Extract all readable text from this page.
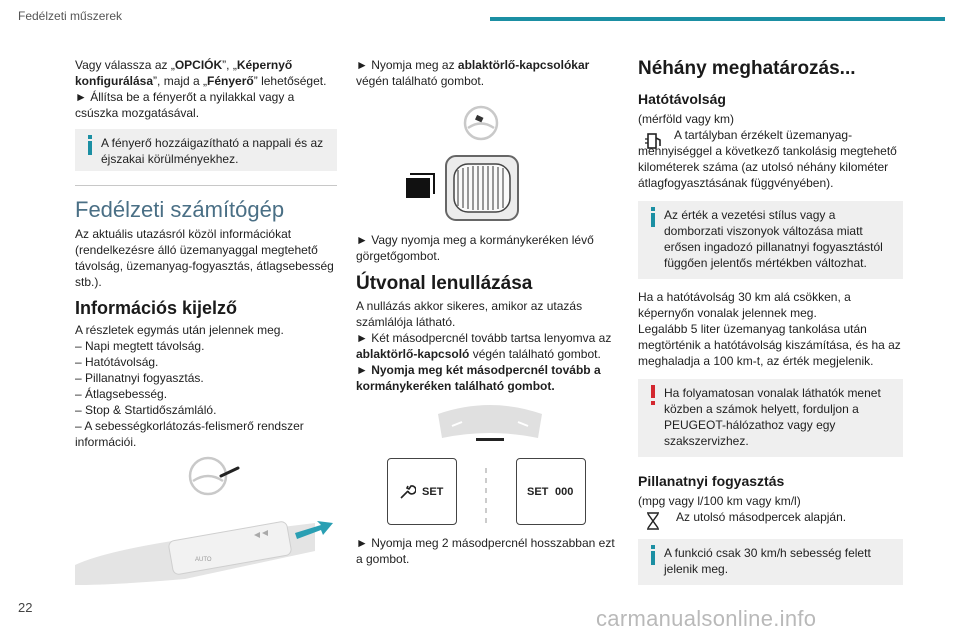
Fedélzeti műszerek

Vagy válassza az „OPCIÓK”, „Képernyő konfigurálása”, majd a „Fényerő” lehetőséget.

► Állítsa be a fényerőt a nyilakkal vagy a csúszka mozgatásával.

A fényerő hozzáigazítható a nappali és az éjszakai körülményekhez.
Fedélzeti számítógép

Az aktuális utazásról közöl információkat (rendelkezésre álló üzemanyaggal megtehető távolság, üzemanyag-fogyasztás, átlagsebesség stb.).

Információs kijelző

A részletek egymás után jelennek meg.

– Napi megtett távolság.

– Hatótávolság.

– Pillanatnyi fogyasztás.

– Átlagsebesség.

– Stop & Startidőszámláló.

– A sebességkorlátozás-felismerő rendszer információi.

AUTO

► Nyomja meg az ablaktörlő-kapcsolókar végén található gombot.

► Vagy nyomja meg a kormánykeréken lévő görgetőgombot.

Útvonal lenullázása

A nullázás akkor sikeres, amikor az utazás számlálója látható.

► Két másodpercnél tovább tartsa lenyomva az ablaktörlő-kapcsoló végén található gombot.

► Nyomja meg két másodpercnél tovább a kormánykeréken található gombot.

SET	SET 000

► Nyomja meg 2 másodpercnél hosszabban ezt a gombot.

Néhány meghatározás...
Hatótávolság

(mérföld vagy km)

A tartályban érzékelt üzemanyag-mennyiséggel a következő tankolásig megtehető kilométerek száma (az utolsó néhány kilométer átlagfogyasztásának függvényében).

Az érték a vezetési stílus vagy a domborzati viszonyok változása miatt erősen ingadozó pillanatnyi fogyasztástól függően jelentős mértékben változhat.

Ha a hatótávolság 30 km alá csökken, a képernyőn vonalak jelennek meg.

Legalább 5 liter üzemanyag tankolása után megtörténik a hatótávolság kiszámítása, és ha az meghaladja a 100 km-t, az érték megjelenik.

Ha folyamatosan vonalak láthatók menet közben a számok helyett, forduljon a PEUGEOT-hálózathoz vagy egy szakszervizhez.
Pillanatnyi fogyasztás

(mpg vagy l/100 km vagy km/l)

Az utolsó másodpercek alapján.
A funkció csak 30 km/h sebesség felett jelenik meg.
22	carmanualsonline.info
